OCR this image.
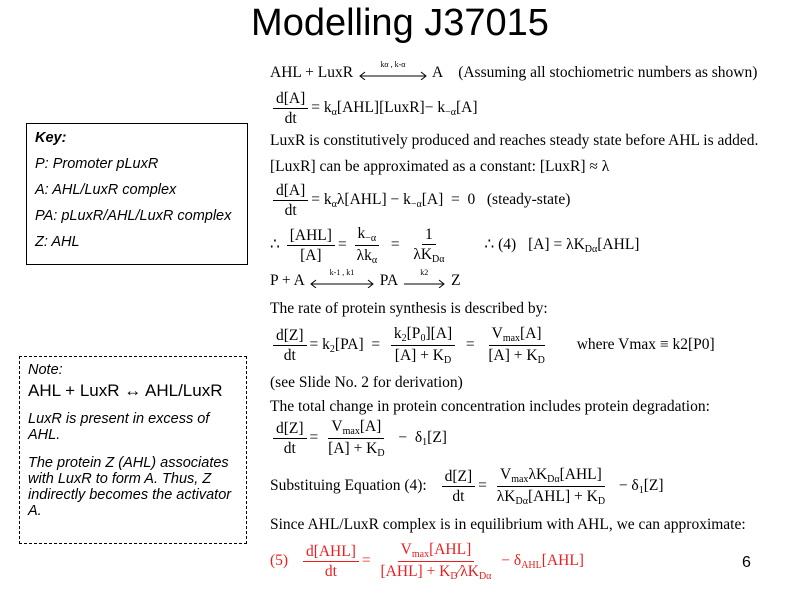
Modelling J37015
Key:
P: Promoter pLuxR
A: AHL/LuxR complex
PA: pLuxR/AHL/LuxR complex
Z: AHL
Note:
AHL + LuxR ↔ AHL/LuxR
LuxR is present in excess of AHL.
The protein Z (AHL) associates with LuxR to form A. Thus, Z indirectly becomes the activator A.
AHL + LuxR	kα , k-α	A (Assuming all stochiometric numbers as shown)
$\frac{d[A]}{dt}$ = $k_\alpha[AHL][LuxR]- k_{-\alpha}[A]$
LuxR is constitutively produced and reaches steady state before AHL is added.
[LuxR] can be approximated as a constant: [LuxR] ≈ λ
$\frac{d[A]}{dt} = k_\alpha\lambda[AHL] - k_{-\alpha}[A] = 0$   (steady-state)
∴ $\frac{\text{[AHL]}}{[A]} = \frac{k_{-\alpha}}{\lambda k_\alpha} = \frac{1}{\lambda K_{D\alpha}}$ ∴ (4) $[A] = \lambda K_{D\alpha}[AHL]$
P + A	k-1 , k1	PA	k2	Z
The rate of protein synthesis is described by:
$\frac{d[Z]}{dt} = k_2[PA] = \frac{k_2[P_0][A]}{[A] + K_D} = \frac{V_{max}[A]}{[A] + K_D}$ where Vmax ≡ k2[P0]
(see Slide No. 2 for derivation)
The total change in protein concentration includes protein degradation:
$\frac{d[Z]}{dt} = \frac{V_{max}[A]}{[A] + K_D} - \delta_1[Z]$
Substituing Equation (4): $\frac{d[Z]}{dt} = \frac{V_{max}\lambda K_{D\alpha}[AHL]}{\lambda K_{D\alpha}[AHL] + K_D} - \delta_1[Z]$
Since AHL/LuxR complex is in equilibrium with AHL, we can approximate:
$(5) \frac{\text{d[AHL]}}{dt} = \frac{V_{max}[AHL]}{[AHL] + K_D⁄\lambda K_{D\alpha}} - \delta_{AHL}[AHL]$	6
